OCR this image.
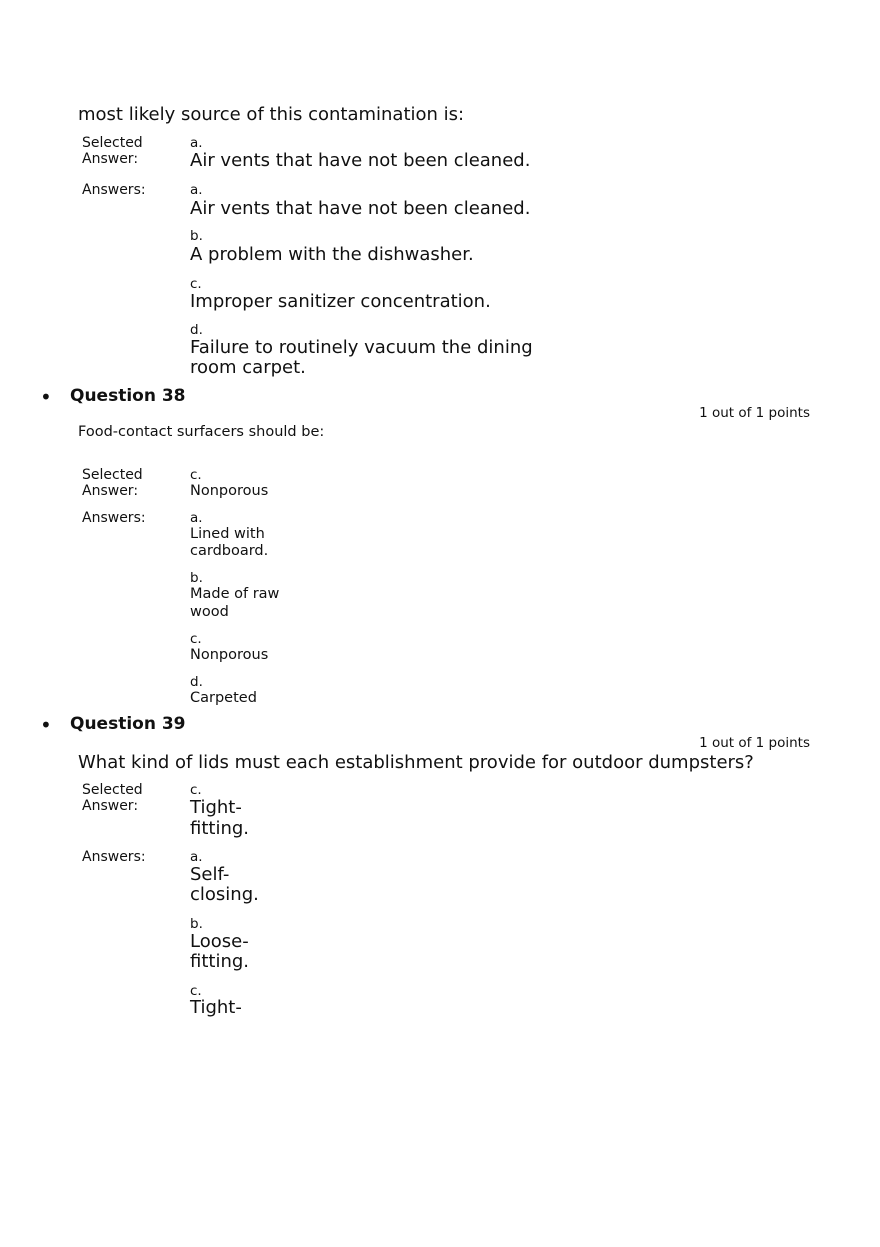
most likely source of this contamination is:
Selected
Answer:
a.
Air vents that have not been cleaned.
Answers:	a.
Air vents that have not been cleaned.
b.
A problem with the dishwasher.
c.
Improper sanitizer concentration.
d.
Failure to routinely vacuum the dining
room carpet.
• Question 38
1 out of 1 points
Food-contact surfacers should be:
Selected
Answer:
c.
Nonporous
Answers:	a.
Lined with
cardboard.
b.
Made of raw
wood
c.
Nonporous
d.
Carpeted
• Question 39
1 out of 1 points
What kind of lids must each establishment provide for outdoor dumpsters?
Selected
Answer:
c.
Tight-
fitting.
Answers:	a.
Self-
closing.
b.
Loose-
fitting.
c.
Tight-
